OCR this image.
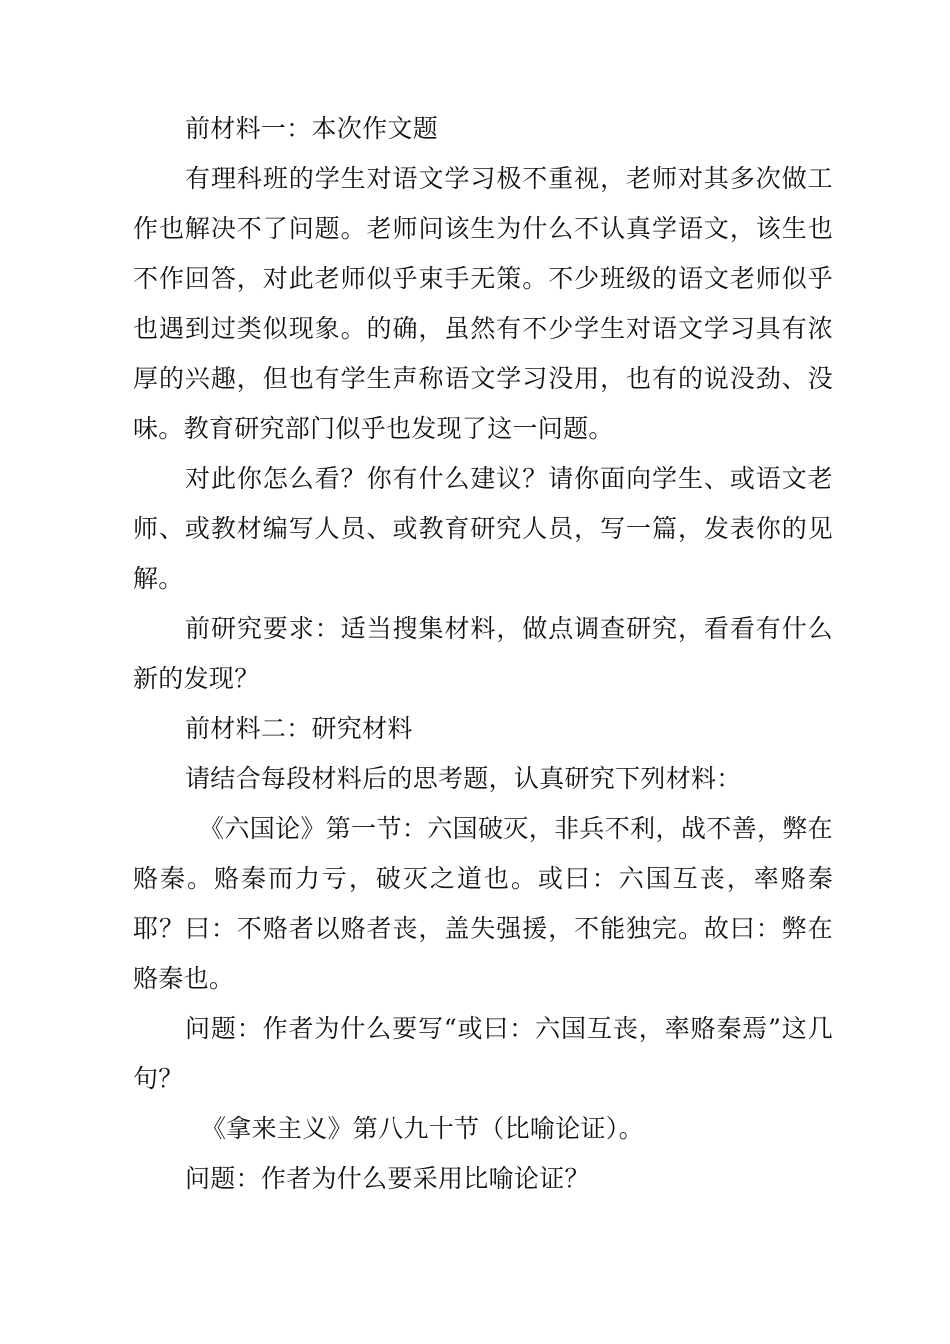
前材料一：本次作文题

有理科班的学生对语文学习极不重视，老师对其多次做工作也解决不了问题。老师问该生为什么不认真学语文，该生也不作回答，对此老师似乎束手无策。不少班级的语文老师似乎也遇到过类似现象。的确，虽然有不少学生对语文学习具有浓厚的兴趣，但也有学生声称语文学习没用，也有的说没劲、没味。教育研究部门似乎也发现了这一问题。

对此你怎么看？你有什么建议？请你面向学生、或语文老师、或教材编写人员、或教育研究人员，写一篇，发表你的见解。

前研究要求：适当搜集材料，做点调查研究，看看有什么新的发现？

前材料二：研究材料

请结合每段材料后的思考题，认真研究下列材料：

《六国论》第一节：六国破灭，非兵不利，战不善，弊在赂秦。赂秦而力亏，破灭之道也。或曰：六国互丧，率赂秦耶？曰：不赂者以赂者丧，盖失强援，不能独完。故曰：弊在赂秦也。

问题：作者为什么要写“或曰：六国互丧，率赂秦焉”这几句？

《拿来主义》第八九十节（比喻论证）。

问题：作者为什么要采用比喻论证？
